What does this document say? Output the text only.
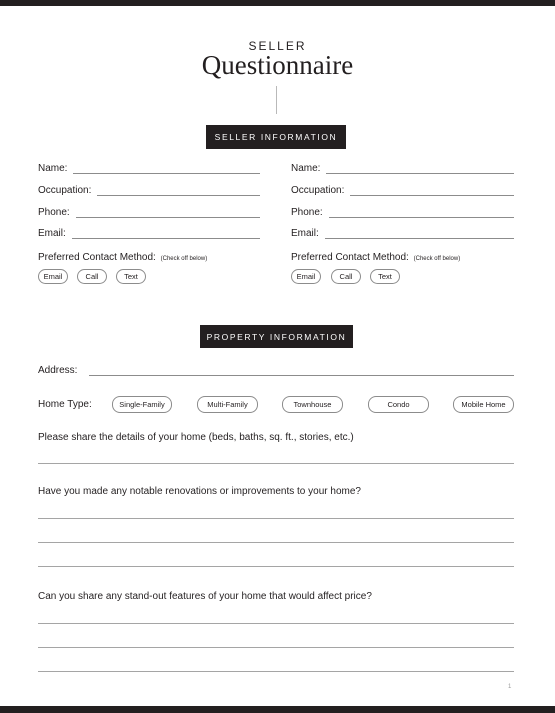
SELLER
Questionnaire
SELLER INFORMATION
Name:
Occupation:
Phone:
Email:
Preferred Contact Method: (Check off below)
Email	Call	Text
Name:
Occupation:
Phone:
Email:
Preferred Contact Method: (Check off below)
Email	Call	Text
PROPERTY INFORMATION
Address:
Home Type:	Single-Family	Multi-Family	Townhouse	Condo	Mobile Home
Please share the details of your home (beds, baths, sq. ft., stories, etc.)
Have you made any notable renovations or improvements to your home?
Can you share any stand-out features of your home that would affect price?
1
